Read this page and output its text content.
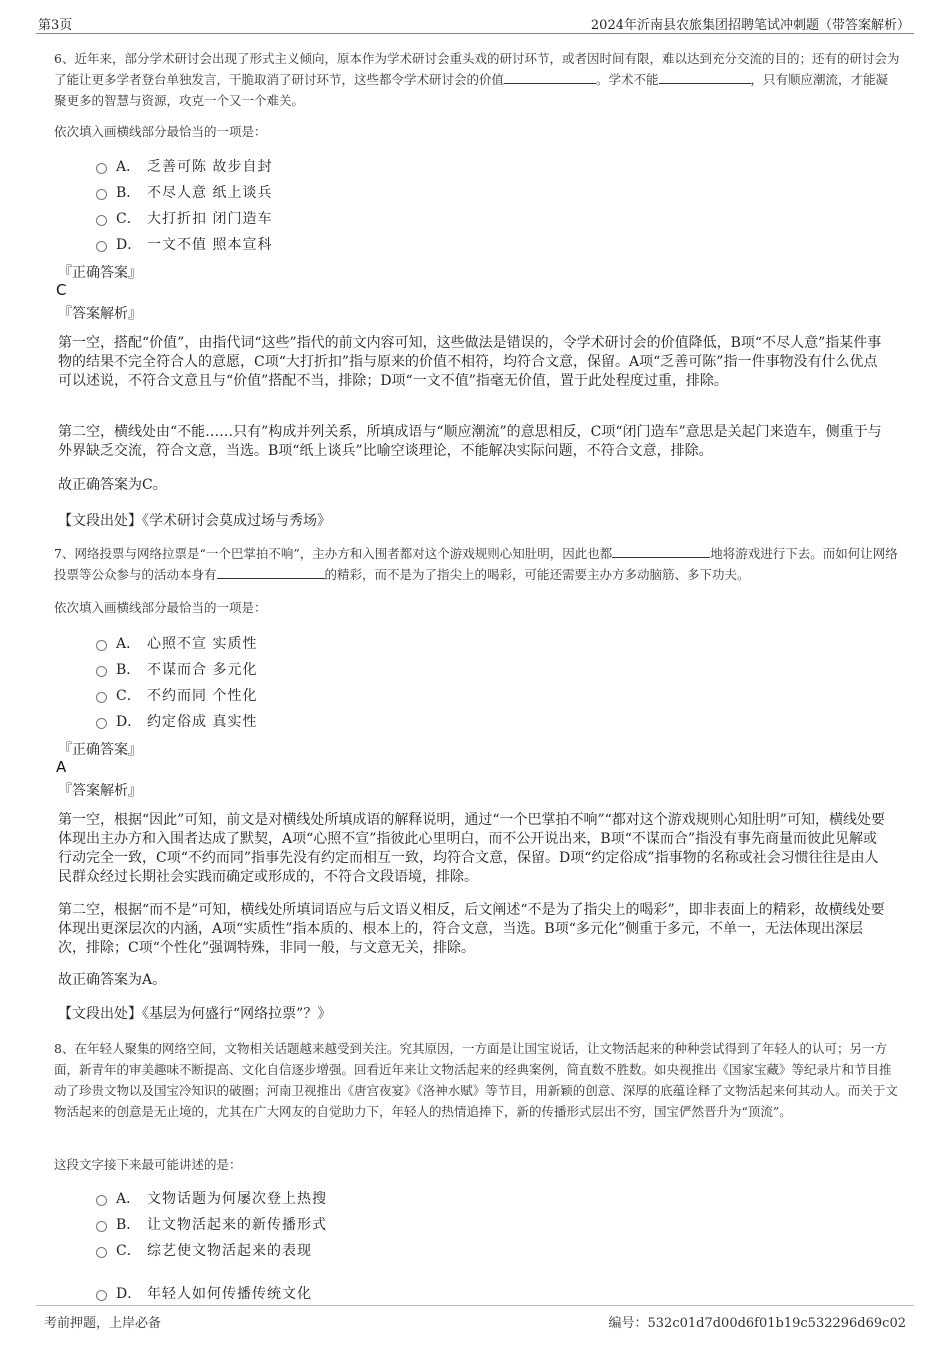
第3页	2024年沂南县农旅集团招聘笔试冲刺题（带答案解析）

6、近年来，部分学术研讨会出现了形式主义倾向，原本作为学术研讨会重头戏的研讨环节，或者因时间有限，难以达到充分交流的目的；还有的研讨会为了能让更多学者登台单独发言，干脆取消了研讨环节，这些都令学术研讨会的价值	。学术不能	，只有顺应潮流，才能凝聚更多的智慧与资源，攻克一个又一个难关。

依次填入画横线部分最恰当的一项是：

A． 乏善可陈 故步自封
B． 不尽人意 纸上谈兵
C． 大打折扣 闭门造车
D． 一文不值 照本宣科
『正确答案』
C
『答案解析』

第一空，搭配“价值”，由指代词“这些”指代的前文内容可知，这些做法是错误的，令学术研讨会的价值降低，B项“不尽人意”指某件事物的结果不完全符合人的意愿，C项“大打折扣”指与原来的价值不相符，均符合文意，保留。A项“乏善可陈”指一件事物没有什么优点可以述说，不符合文意且与“价值”搭配不当，排除；D项“一文不值”指毫无价值，置于此处程度过重，排除。

第二空，横线处由“不能……只有”构成并列关系，所填成语与“顺应潮流”的意思相反，C项“闭门造车”意思是关起门来造车，侧重于与外界缺乏交流，符合文意，当选。B项“纸上谈兵”比喻空谈理论，不能解决实际问题，不符合文意，排除。

故正确答案为C。

【文段出处】《学术研讨会莫成过场与秀场》

7、网络投票与网络拉票是“一个巴掌拍不响”，主办方和入围者都对这个游戏规则心知肚明，因此也都	地将游戏进行下去。而如何让网络投票等公众参与的活动本身有	的精彩，而不是为了指尖上的喝彩，可能还需要主办方多动脑筋、多下功夫。

依次填入画横线部分最恰当的一项是：

A． 心照不宣 实质性
B． 不谋而合 多元化
C． 不约而同 个性化
D． 约定俗成 真实性
『正确答案』
A
『答案解析』

第一空，根据“因此”可知，前文是对横线处所填成语的解释说明，通过“一个巴掌拍不响”“都对这个游戏规则心知肚明”可知，横线处要体现出主办方和入围者达成了默契，A项“心照不宣”指彼此心里明白，而不公开说出来，B项“不谋而合”指没有事先商量而彼此见解或行动完全一致，C项“不约而同”指事先没有约定而相互一致，均符合文意，保留。D项“约定俗成”指事物的名称或社会习惯往往是由人民群众经过长期社会实践而确定或形成的，不符合文段语境，排除。

第二空，根据“而不是”可知，横线处所填词语应与后文语义相反，后文阐述“不是为了指尖上的喝彩”，即非表面上的精彩，故横线处要体现出更深层次的内涵，A项“实质性”指本质的、根本上的，符合文意，当选。B项“多元化”侧重于多元，不单一，无法体现出深层次，排除；C项“个性化”强调特殊，非同一般，与文意无关，排除。

故正确答案为A。

【文段出处】《基层为何盛行“网络拉票”？》

8、在年轻人聚集的网络空间，文物相关话题越来越受到关注。究其原因，一方面是让国宝说话，让文物活起来的种种尝试得到了年轻人的认可；另一方面，新青年的审美趣味不断提高、文化自信逐步增强。回看近年来让文物活起来的经典案例，简直数不胜数。如央视推出《国家宝藏》等纪录片和节目推动了珍贵文物以及国宝冷知识的破圈；河南卫视推出《唐宫夜宴》《洛神水赋》等节目，用新颖的创意、深厚的底蕴诠释了文物活起来何其动人。而关于文物活起来的创意是无止境的，尤其在广大网友的自觉助力下，年轻人的热情追捧下，新的传播形式层出不穷，国宝俨然晋升为“顶流”。

这段文字接下来最可能讲述的是：

A． 文物话题为何屡次登上热搜
B． 让文物活起来的新传播形式
C． 综艺使文物活起来的表现
D． 年轻人如何传播传统文化
考前押题，上岸必备	编号：532c01d7d00d6f01b19c532296d69c02
